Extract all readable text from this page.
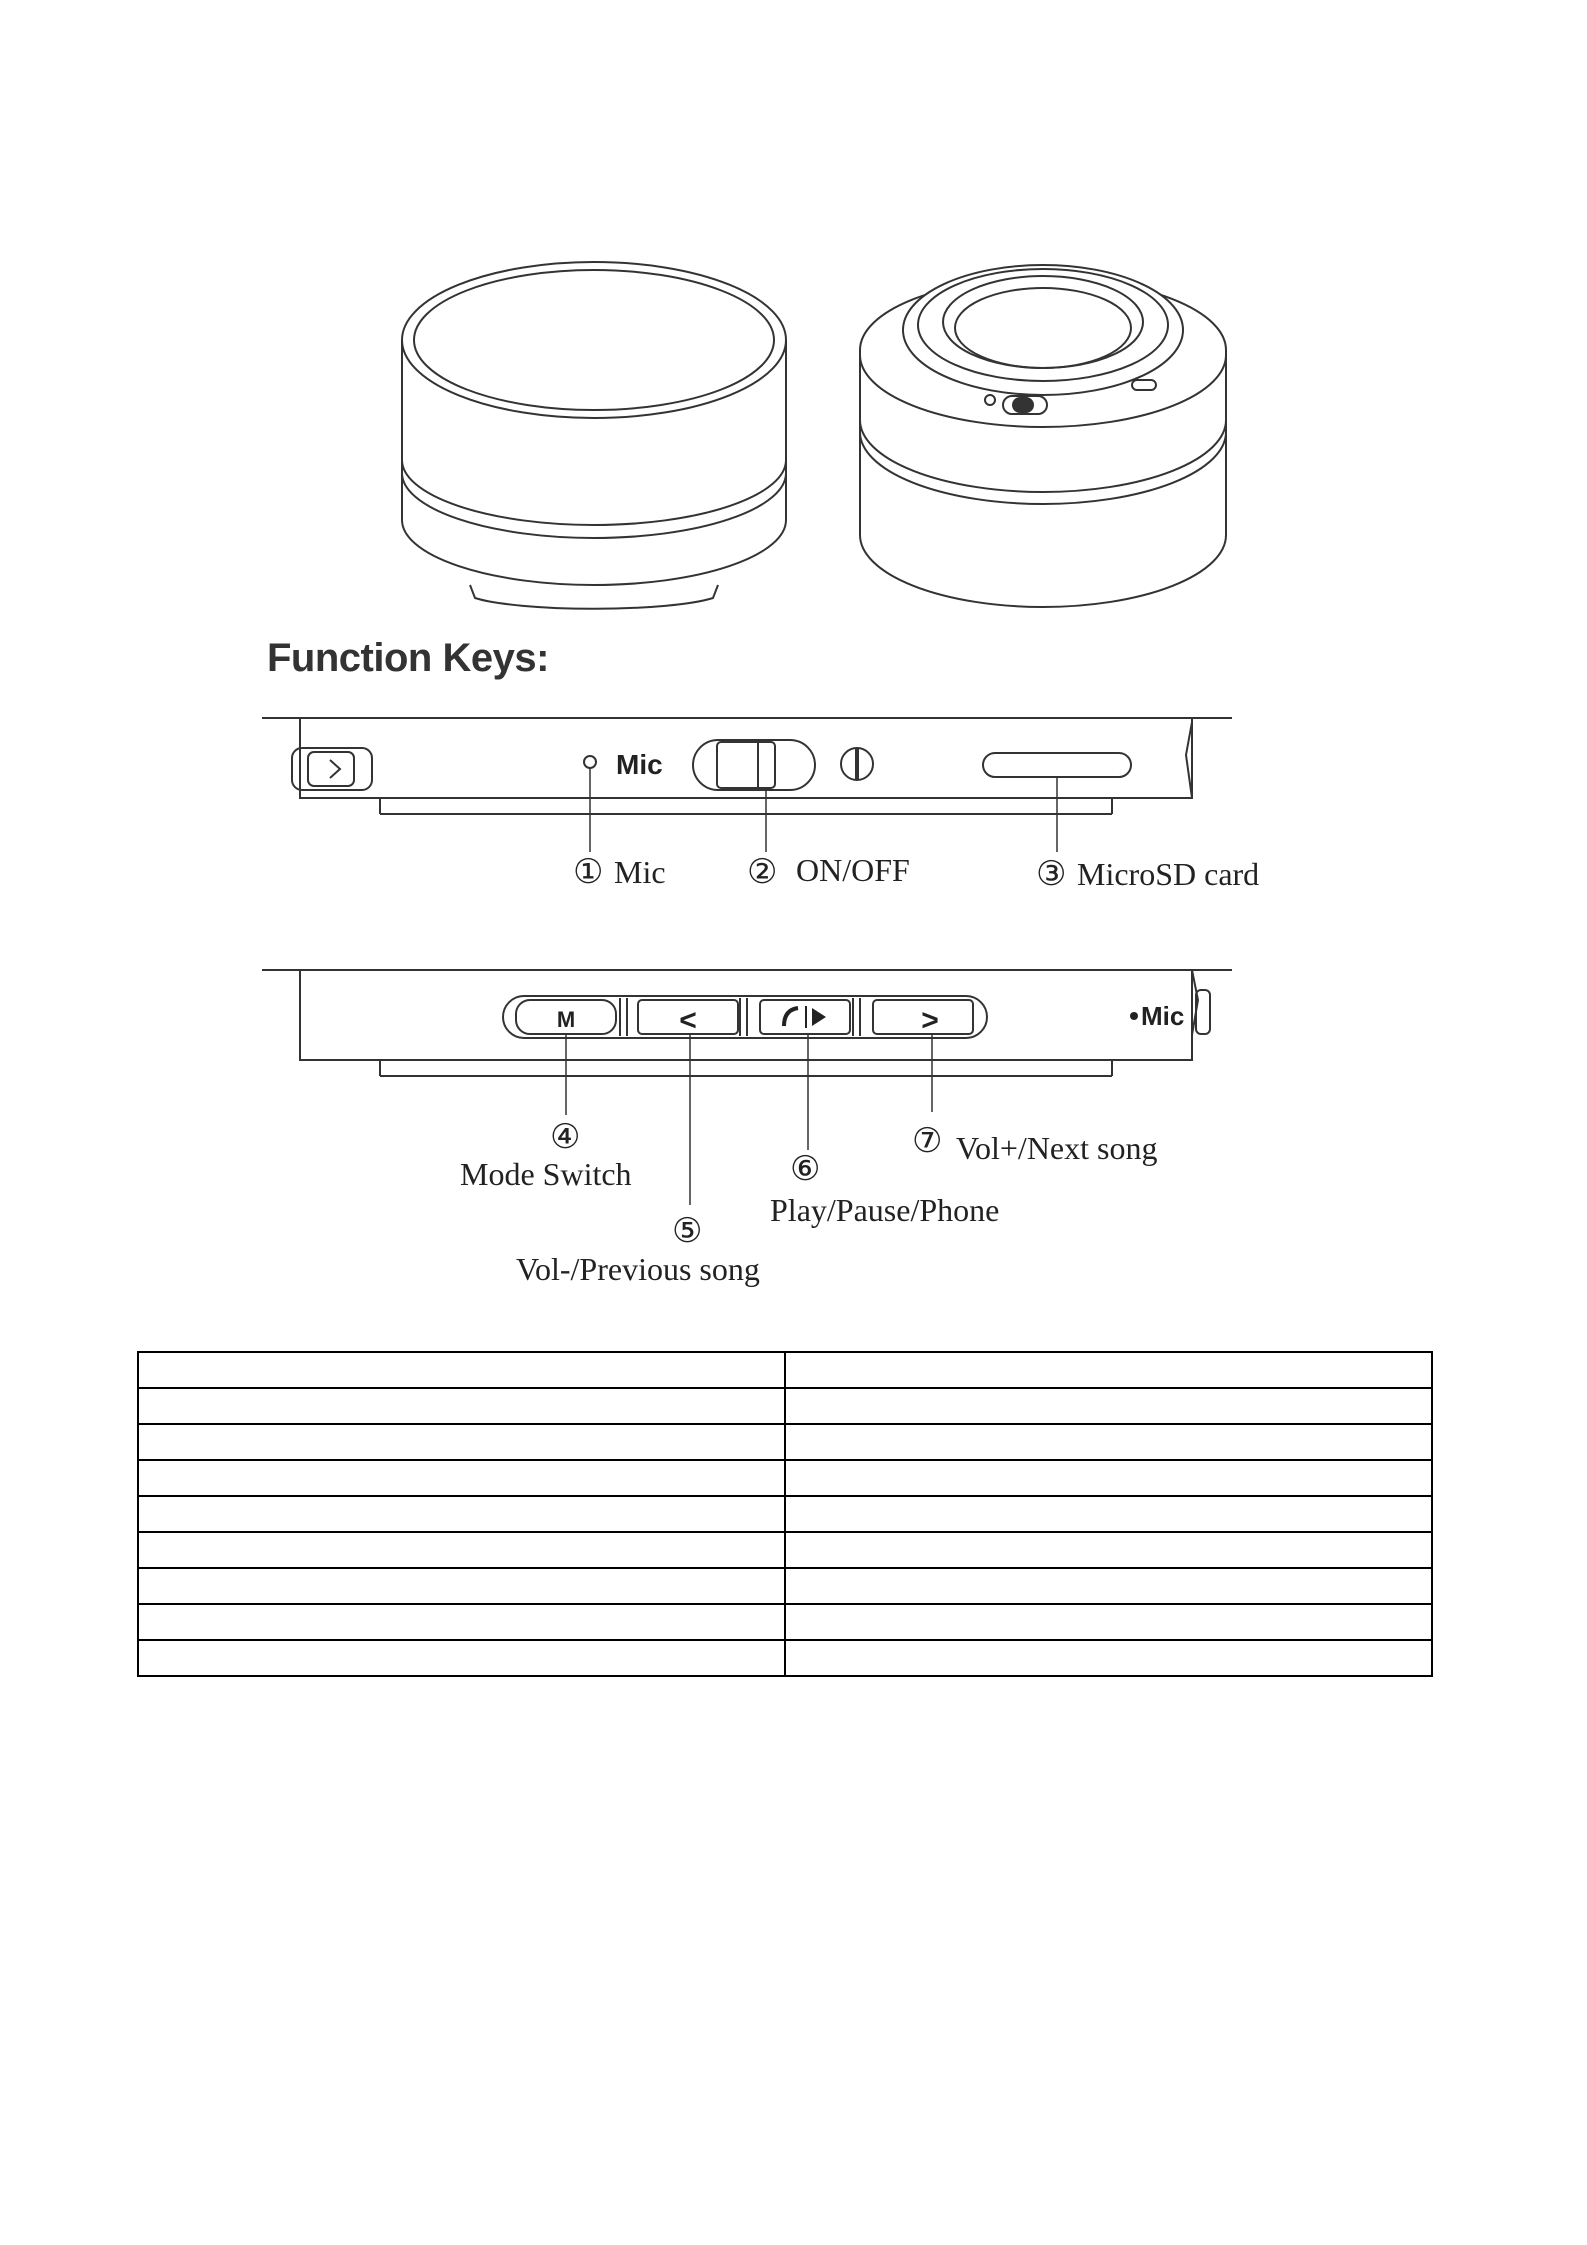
Function Keys:
Mic
① Mic ② ON/OFF	③ MicroSD card
M	<	>	Mic
④
Mode Switch
⑤
Vol-/Previous song
⑥
Play/Pause/Phone
⑦ Vol+/Next song
